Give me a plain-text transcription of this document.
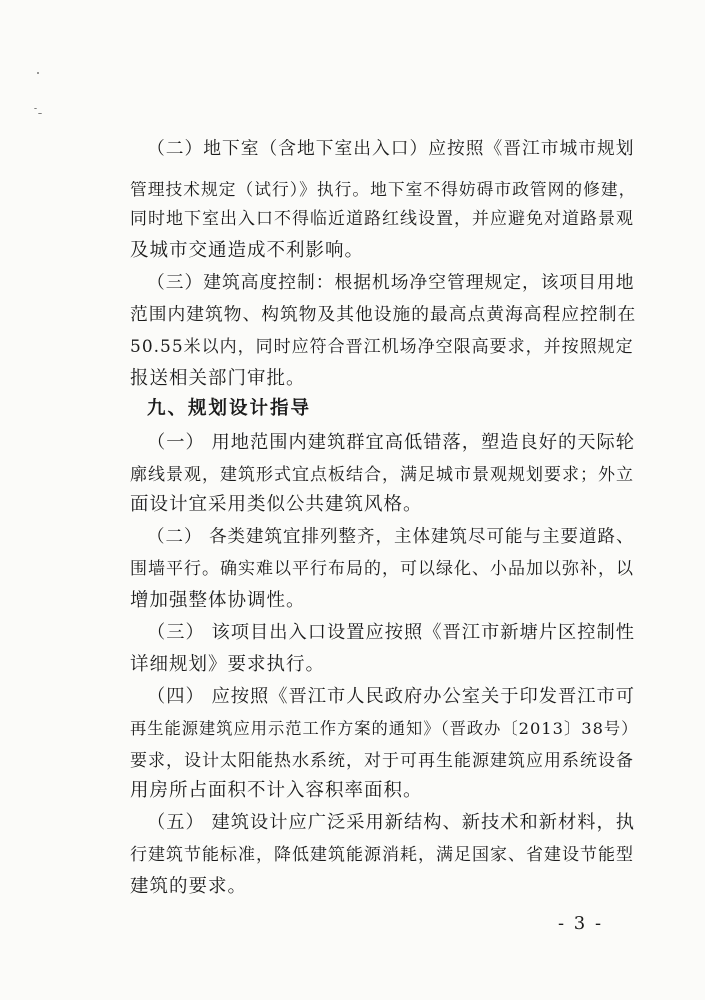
（二）地下室（含地下室出入口）应按照《晋江市城市规划
管理技术规定（试行）》执行。地下室不得妨碍市政管网的修建，
同时地下室出入口不得临近道路红线设置，并应避免对道路景观
及城市交通造成不利影响。
（三）建筑高度控制：根据机场净空管理规定，该项目用地
范围内建筑物、构筑物及其他设施的最高点黄海高程应控制在
50.55米以内，同时应符合晋江机场净空限高要求，并按照规定
报送相关部门审批。
九、规划设计指导
（一） 用地范围内建筑群宜高低错落，塑造良好的天际轮
廓线景观，建筑形式宜点板结合，满足城市景观规划要求；外立
面设计宜采用类似公共建筑风格。
（二） 各类建筑宜排列整齐，主体建筑尽可能与主要道路、
围墙平行。确实难以平行布局的，可以绿化、小品加以弥补，以
增加强整体协调性。
（三） 该项目出入口设置应按照《晋江市新塘片区控制性
详细规划》要求执行。
（四） 应按照《晋江市人民政府办公室关于印发晋江市可
再生能源建筑应用示范工作方案的通知》（晋政办〔2013〕38号）
要求，设计太阳能热水系统，对于可再生能源建筑应用系统设备
用房所占面积不计入容积率面积。
（五） 建筑设计应广泛采用新结构、新技术和新材料，执
行建筑节能标准，降低建筑能源消耗，满足国家、省建设节能型
建筑的要求。
- 3 -
